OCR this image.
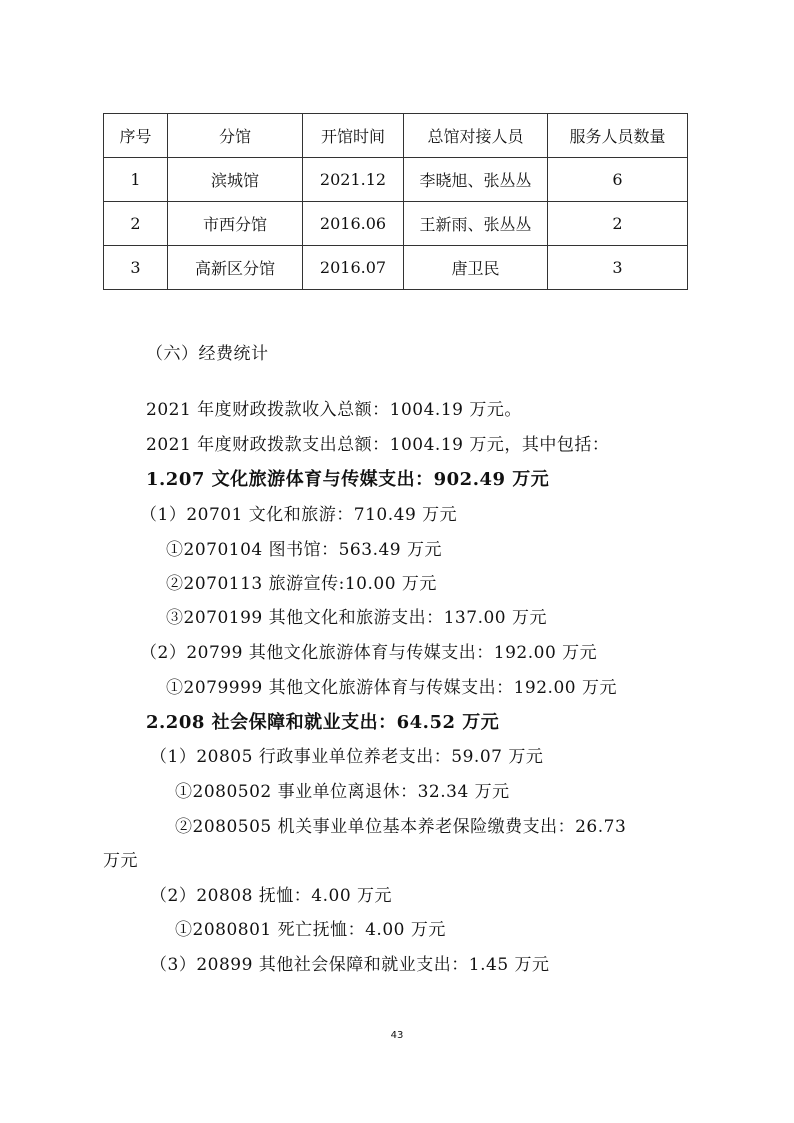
序号	分馆	开馆时间	总馆对接人员	服务人员数量
1	滨城馆	2021.12	李晓旭、张丛丛	6
2	市西分馆	2016.06	王新雨、张丛丛	2
3	高新区分馆	2016.07	唐卫民	3
（六）经费统计
2021 年度财政拨款收入总额：1004.19 万元。
2021 年度财政拨款支出总额：1004.19 万元，其中包括：
1.207 文化旅游体育与传媒支出：902.49 万元
（1）20701 文化和旅游：710.49 万元
①2070104 图书馆：563.49 万元
②2070113 旅游宣传:10.00 万元
③2070199 其他文化和旅游支出：137.00 万元
（2）20799 其他文化旅游体育与传媒支出：192.00 万元
①2079999 其他文化旅游体育与传媒支出：192.00 万元
2.208 社会保障和就业支出：64.52 万元
（1）20805 行政事业单位养老支出：59.07 万元
①2080502 事业单位离退休：32.34 万元
②2080505 机关事业单位基本养老保险缴费支出：26.73
万元
（2）20808 抚恤：4.00 万元
①2080801 死亡抚恤：4.00 万元
（3）20899 其他社会保障和就业支出：1.45 万元
43
